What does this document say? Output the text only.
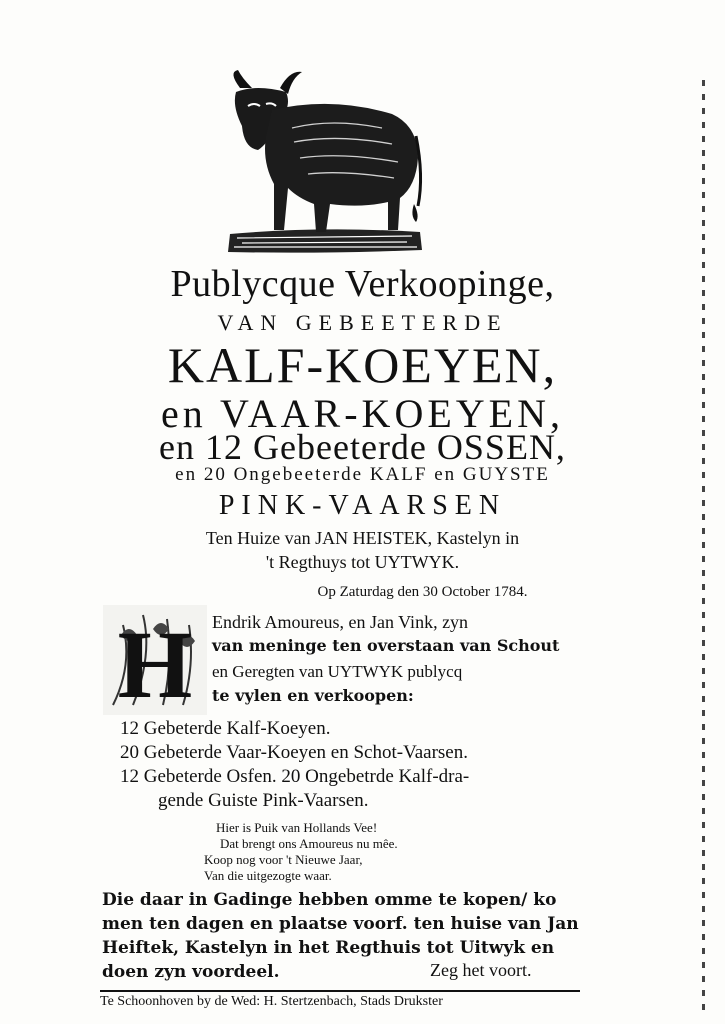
Publycque Verkoopinge,
VAN GEBEETERDE
KALF-KOEYEN,
en VAAR-KOEYEN,
en 12 Gebeeterde OSSEN,
en 20 Ongebeeterde KALF en GUYSTE
PINK-VAARSEN
Ten Huize van JAN HEISTEK, Kastelyn in
't Regthuys tot UYTWYK.
Op Zaturdag den 30 October 1784.
H Endrik Amoureus, en Jan Vink, zyn
van meninge ten overstaan van Schout
en Geregten van UYTWYK publycq
te vylen en verkoopen:
12 Gebeterde Kalf-Koeyen.
20 Gebeterde Vaar-Koeyen en Schot-Vaarsen.
12 Gebeterde Osfen. 20 Ongebetrde Kalf-dra-
gende Guiste Pink-Vaarsen.
Hier is Puik van Hollands Vee!
Dat brengt ons Amoureus nu mêe.
Koop nog voor 't Nieuwe Jaar,
Van die uitgezogte waar.
Die daar in Gadinge hebben omme te kopen/ ko
men ten dagen en plaatse voorf. ten huise van Jan
Heiftek, Kastelyn in het Regthuis tot Uitwyk en
doen zyn voordeel.	Zeg het voort.
Te Schoonhoven by de Wed: H. Stertzenbach, Stads Drukster
